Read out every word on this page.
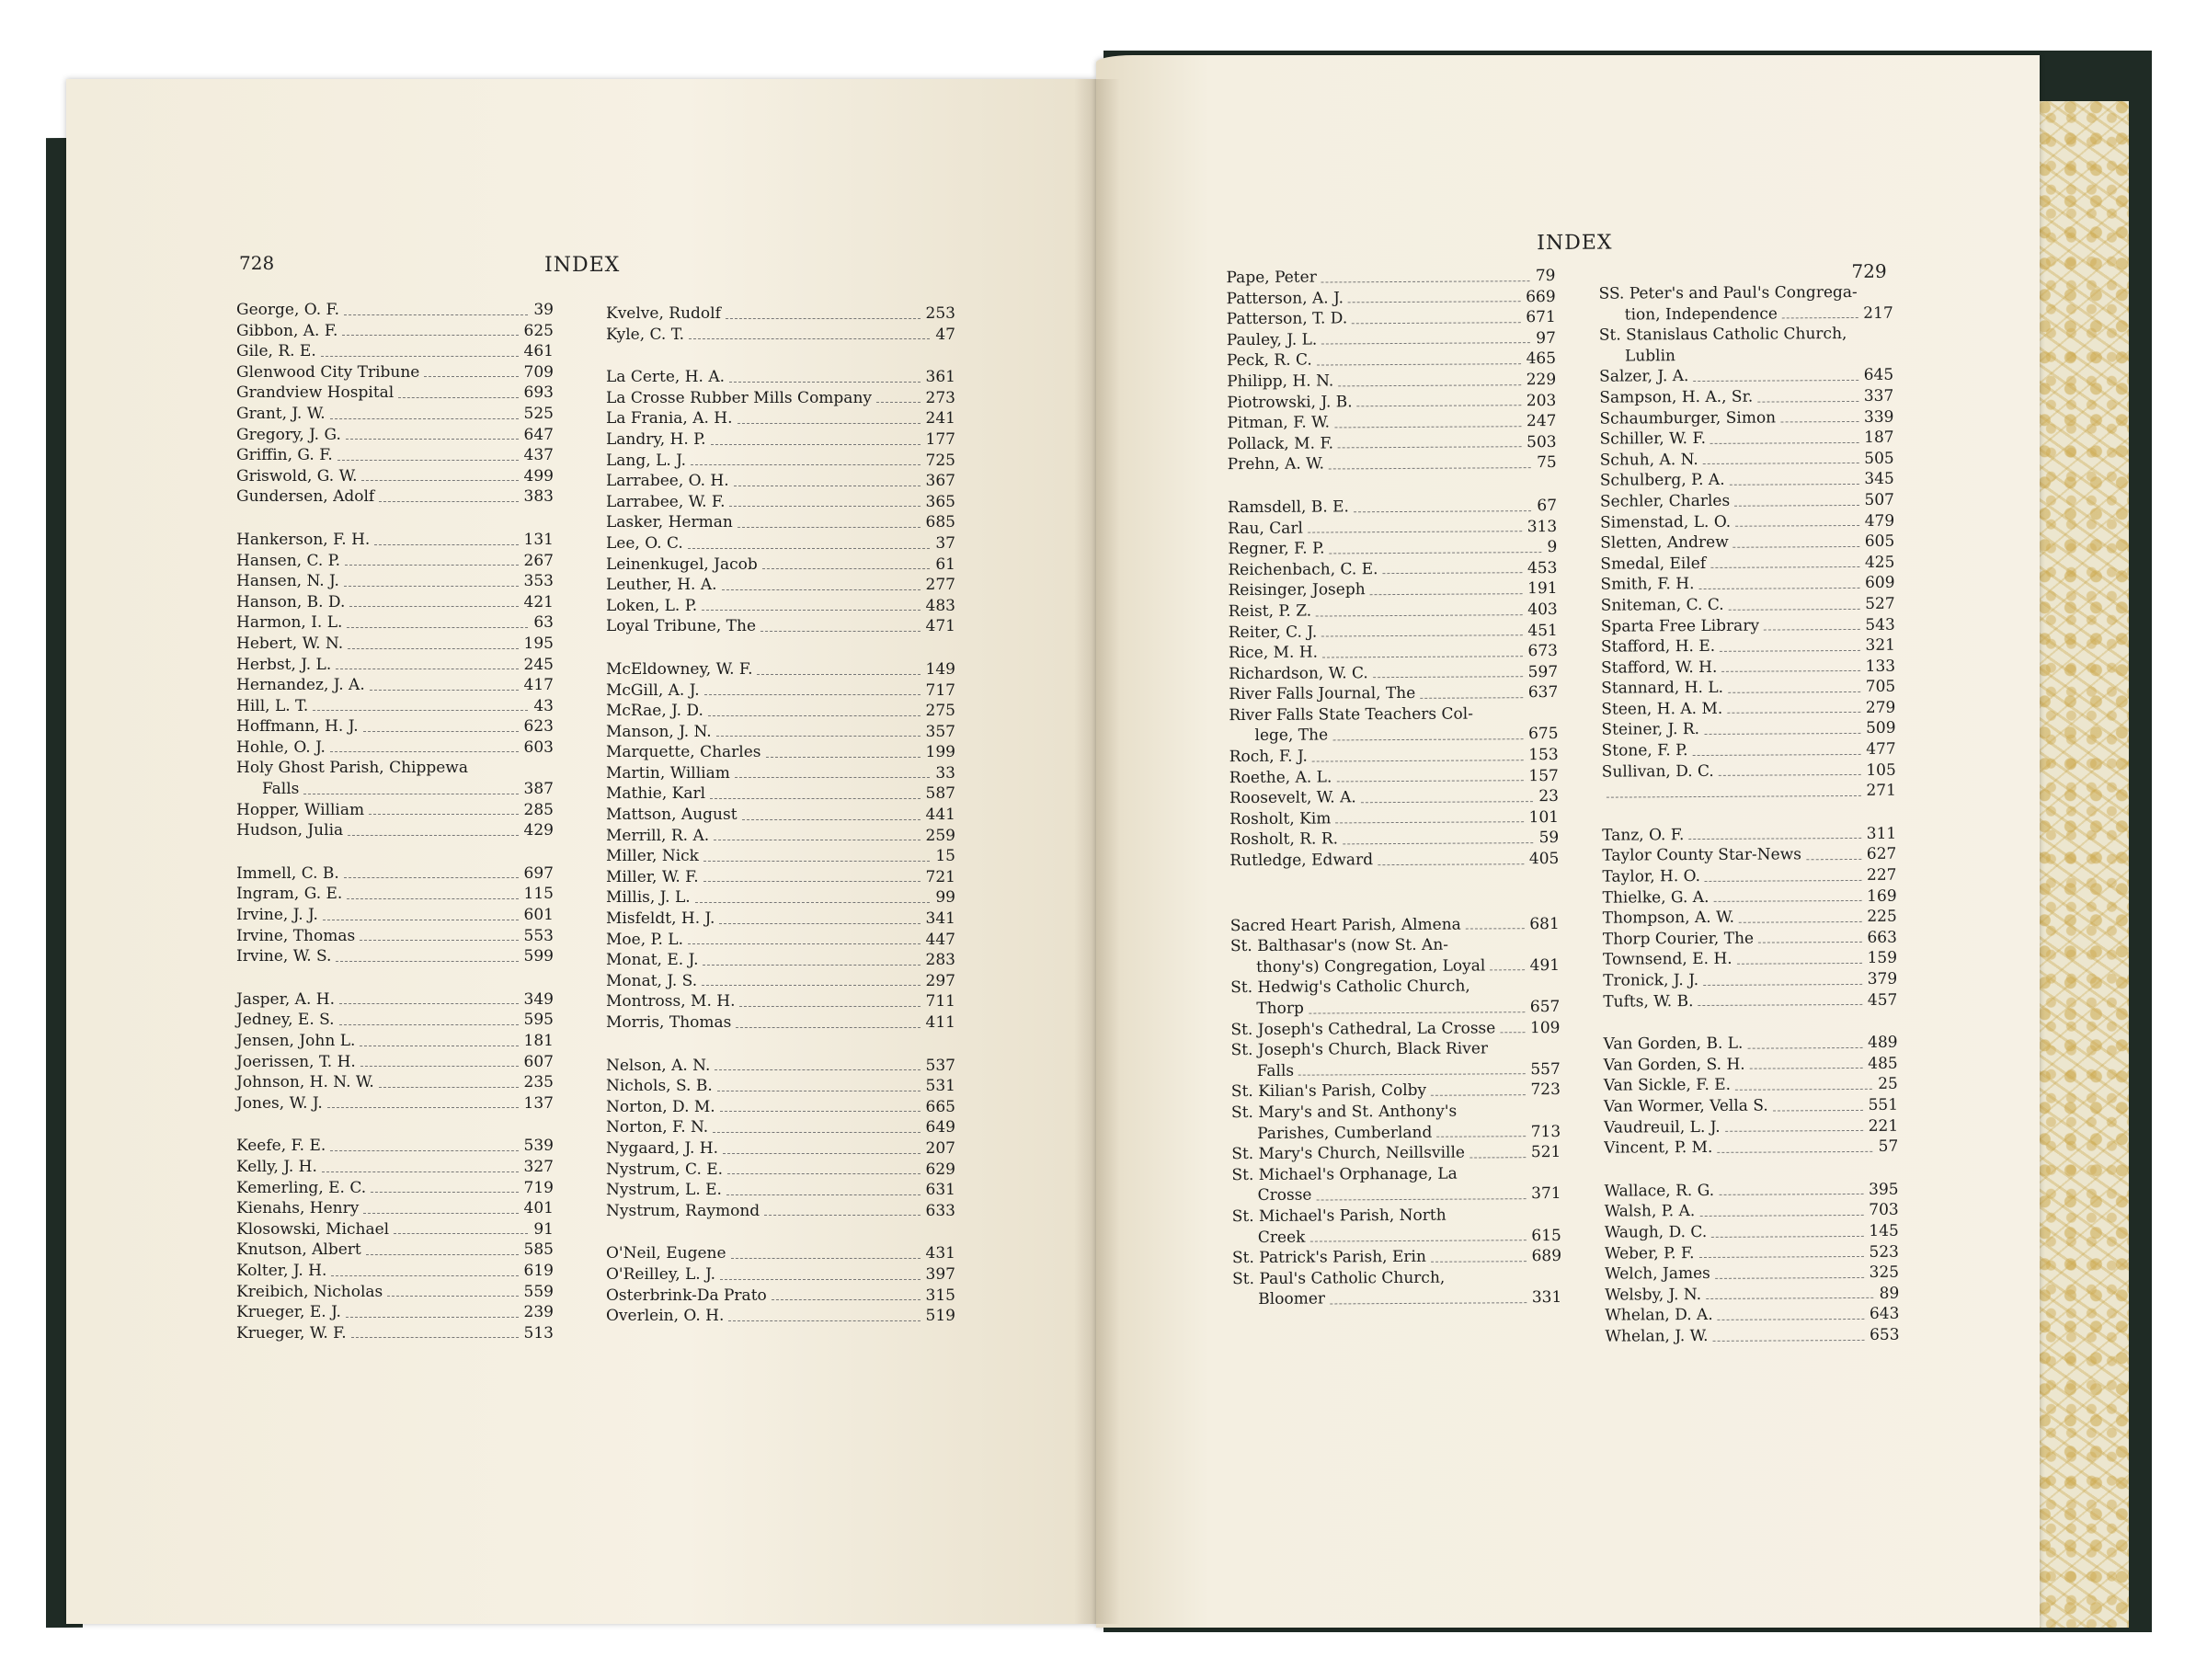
728	INDEX
George, O. F.	39
Gibbon, A. F.	625
Gile, R. E.	461
Glenwood City Tribune	709
Grandview Hospital	693
Grant, J. W.	525
Gregory, J. G.	647
Griffin, G. F.	437
Griswold, G. W.	499
Gundersen, Adolf	383
Hankerson, F. H.	131
Hansen, C. P.	267
Hansen, N. J.	353
Hanson, B. D.	421
Harmon, I. L.	63
Hebert, W. N.	195
Herbst, J. L.	245
Hernandez, J. A.	417
Hill, L. T.	43
Hoffmann, H. J.	623
Hohle, O. J.	603
Holy Ghost Parish, Chippewa
Falls	387
Hopper, William	285
Hudson, Julia	429
Immell, C. B.	697
Ingram, G. E.	115
Irvine, J. J.	601
Irvine, Thomas	553
Irvine, W. S.	599
Jasper, A. H.	349
Jedney, E. S.	595
Jensen, John L.	181
Joerissen, T. H.	607
Johnson, H. N. W.	235
Jones, W. J.	137
Keefe, F. E.	539
Kelly, J. H.	327
Kemerling, E. C.	719
Kienahs, Henry	401
Klosowski, Michael	91
Knutson, Albert	585
Kolter, J. H.	619
Kreibich, Nicholas	559
Krueger, E. J.	239
Krueger, W. F.	513
Kvelve, Rudolf	253
Kyle, C. T.	47
La Certe, H. A.	361
La Crosse Rubber Mills Company	273
La Frania, A. H.	241
Landry, H. P.	177
Lang, L. J.	725
Larrabee, O. H.	367
Larrabee, W. F.	365
Lasker, Herman	685
Lee, O. C.	37
Leinenkugel, Jacob	61
Leuther, H. A.	277
Loken, L. P.	483
Loyal Tribune, The	471
McEldowney, W. F.	149
McGill, A. J.	717
McRae, J. D.	275
Manson, J. N.	357
Marquette, Charles	199
Martin, William	33
Mathie, Karl	587
Mattson, August	441
Merrill, R. A.	259
Miller, Nick	15
Miller, W. F.	721
Millis, J. L.	99
Misfeldt, H. J.	341
Moe, P. L.	447
Monat, E. J.	283
Monat, J. S.	297
Montross, M. H.	711
Morris, Thomas	411
Nelson, A. N.	537
Nichols, S. B.	531
Norton, D. M.	665
Norton, F. N.	649
Nygaard, J. H.	207
Nystrum, C. E.	629
Nystrum, L. E.	631
Nystrum, Raymond	633
O'Neil, Eugene	431
O'Reilley, L. J.	397
Osterbrink-Da Prato	315
Overlein, O. H.	519
INDEX
729
Pape, Peter	79
Patterson, A. J.	669
Patterson, T. D.	671
Pauley, J. L.	97
Peck, R. C.	465
Philipp, H. N.	229
Piotrowski, J. B.	203
Pitman, F. W.	247
Pollack, M. F.	503
Prehn, A. W.	75
Ramsdell, B. E.	67
Rau, Carl	313
Regner, F. P.	9
Reichenbach, C. E.	453
Reisinger, Joseph	191
Reist, P. Z.	403
Reiter, C. J.	451
Rice, M. H.	673
Richardson, W. C.	597
River Falls Journal, The	637
River Falls State Teachers Col-
lege, The	675
Roch, F. J.	153
Roethe, A. L.	157
Roosevelt, W. A.	23
Rosholt, Kim	101
Rosholt, R. R.	59
Rutledge, Edward	405
Sacred Heart Parish, Almena	681
St. Balthasar's (now St. An-
thony's) Congregation, Loyal	491
St. Hedwig's Catholic Church,
Thorp	657
St. Joseph's Cathedral, La Crosse 109
St. Joseph's Church, Black River
Falls	557
St. Kilian's Parish, Colby	723
St. Mary's and St. Anthony's
Parishes, Cumberland	713
St. Mary's Church, Neillsville	521
St. Michael's Orphanage, La
Crosse	371
St. Michael's Parish, North
Creek	615
St. Patrick's Parish, Erin	689
St. Paul's Catholic Church,
Bloomer	331
SS. Peter's and Paul's Congrega-
tion, Independence	217
St. Stanislaus Catholic Church,
Lublin
Salzer, J. A.	645
Sampson, H. A., Sr.	337
Schaumburger, Simon	339
Schiller, W. F.	187
Schuh, A. N.	505
Schulberg, P. A.	345
Sechler, Charles	507
Simenstad, L. O.	479
Sletten, Andrew	605
Smedal, Eilef	425
Smith, F. H.	609
Sniteman, C. C.	527
Sparta Free Library	543
Stafford, H. E.	321
Stafford, W. H.	133
Stannard, H. L.	705
Steen, H. A. M.	279
Steiner, J. R.	509
Stone, F. P.	477
Sullivan, D. C.	105
271
Tanz, O. F.	311
Taylor County Star-News	627
Taylor, H. O.	227
Thielke, G. A.	169
Thompson, A. W.	225
Thorp Courier, The	663
Townsend, E. H.	159
Tronick, J. J.	379
Tufts, W. B.	457
Van Gorden, B. L.	489
Van Gorden, S. H.	485
Van Sickle, F. E.	25
Van Wormer, Vella S.	551
Vaudreuil, L. J.	221
Vincent, P. M.	57
Wallace, R. G.	395
Walsh, P. A.	703
Waugh, D. C.	145
Weber, P. F.	523
Welch, James	325
Welsby, J. N.	89
Whelan, D. A.	643
Whelan, J. W.	653
